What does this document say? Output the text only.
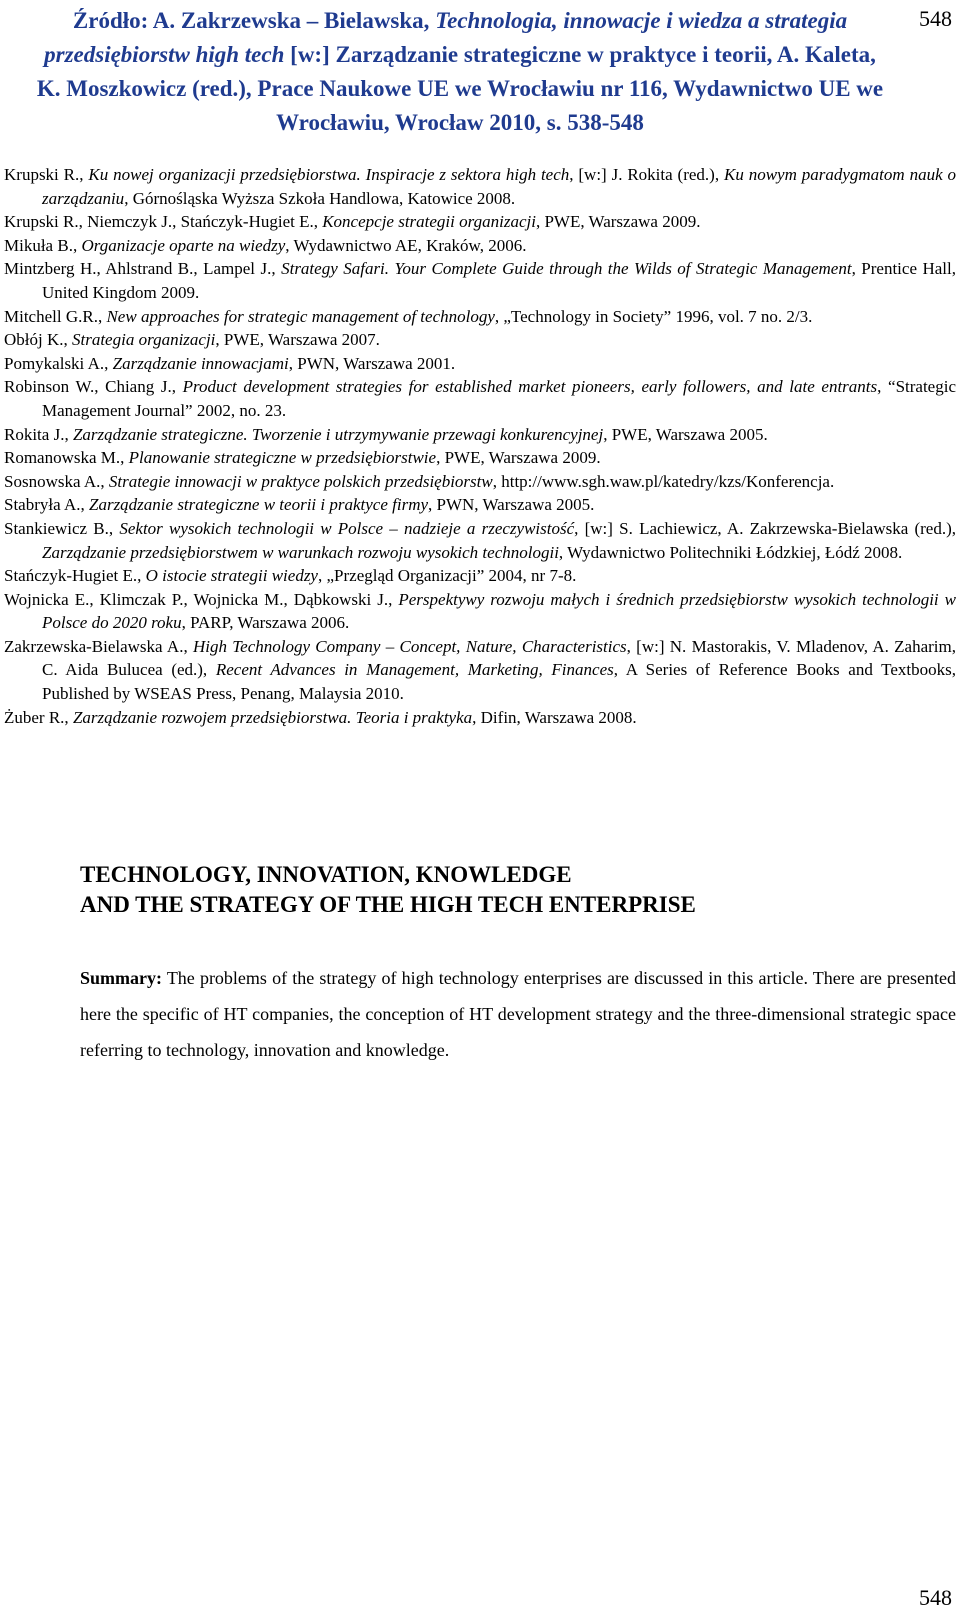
Źródło: A. Zakrzewska – Bielawska, Technologia, innowacje i wiedza a strategia przedsiębiorstw high tech [w:] Zarządzanie strategiczne w praktyce i teorii, A. Kaleta, K. Moszkowicz (red.), Prace Naukowe UE we Wrocławiu nr 116, Wydawnictwo UE we Wrocławiu, Wrocław 2010, s. 538-548
548
Krupski R., Ku nowej organizacji przedsiębiorstwa. Inspiracje z sektora high tech, [w:] J. Rokita (red.), Ku nowym paradygmatom nauk o zarządzaniu, Górnośląska Wyższa Szkoła Handlowa, Katowice 2008.
Krupski R., Niemczyk J., Stańczyk-Hugiet E., Koncepcje strategii organizacji, PWE, Warszawa 2009.
Mikuła B., Organizacje oparte na wiedzy, Wydawnictwo AE, Kraków, 2006.
Mintzberg H., Ahlstrand B., Lampel J., Strategy Safari. Your Complete Guide through the Wilds of Strategic Management, Prentice Hall, United Kingdom 2009.
Mitchell G.R., New approaches for strategic management of technology, „Technology in Society” 1996, vol. 7 no. 2/3.
Obłój K., Strategia organizacji, PWE, Warszawa 2007.
Pomykalski A., Zarządzanie innowacjami, PWN, Warszawa 2001.
Robinson W., Chiang J., Product development strategies for established market pioneers, early followers, and late entrants, “Strategic Management Journal” 2002, no. 23.
Rokita J., Zarządzanie strategiczne. Tworzenie i utrzymywanie przewagi konkurencyjnej, PWE, Warszawa 2005.
Romanowska M., Planowanie strategiczne w przedsiębiorstwie, PWE, Warszawa 2009.
Sosnowska A., Strategie innowacji w praktyce polskich przedsiębiorstw, http://www.sgh.waw.pl/katedry/kzs/Konferencja.
Stabryła A., Zarządzanie strategiczne w teorii i praktyce firmy, PWN, Warszawa 2005.
Stankiewicz B., Sektor wysokich technologii w Polsce – nadzieje a rzeczywistość, [w:] S. Lachiewicz, A. Zakrzewska-Bielawska (red.), Zarządzanie przedsiębiorstwem w warunkach rozwoju wysokich technologii, Wydawnictwo Politechniki Łódzkiej, Łódź 2008.
Stańczyk-Hugiet E., O istocie strategii wiedzy, „Przegląd Organizacji” 2004, nr 7-8.
Wojnicka E., Klimczak P., Wojnicka M., Dąbkowski J., Perspektywy rozwoju małych i średnich przedsiębiorstw wysokich technologii w Polsce do 2020 roku, PARP, Warszawa 2006.
Zakrzewska-Bielawska A., High Technology Company – Concept, Nature, Characteristics, [w:] N. Mastorakis, V. Mladenov, A. Zaharim, C. Aida Bulucea (ed.), Recent Advances in Management, Marketing, Finances, A Series of Reference Books and Textbooks, Published by WSEAS Press, Penang, Malaysia 2010.
Żuber R., Zarządzanie rozwojem przedsiębiorstwa. Teoria i praktyka, Difin, Warszawa 2008.
TECHNOLOGY, INNOVATION, KNOWLEDGE
AND THE STRATEGY OF THE HIGH TECH ENTERPRISE
Summary: The problems of the strategy of high technology enterprises are discussed in this article. There are presented here the specific of HT companies, the conception of HT development strategy and the three-dimensional strategic space referring to technology, innovation and knowledge.
548
